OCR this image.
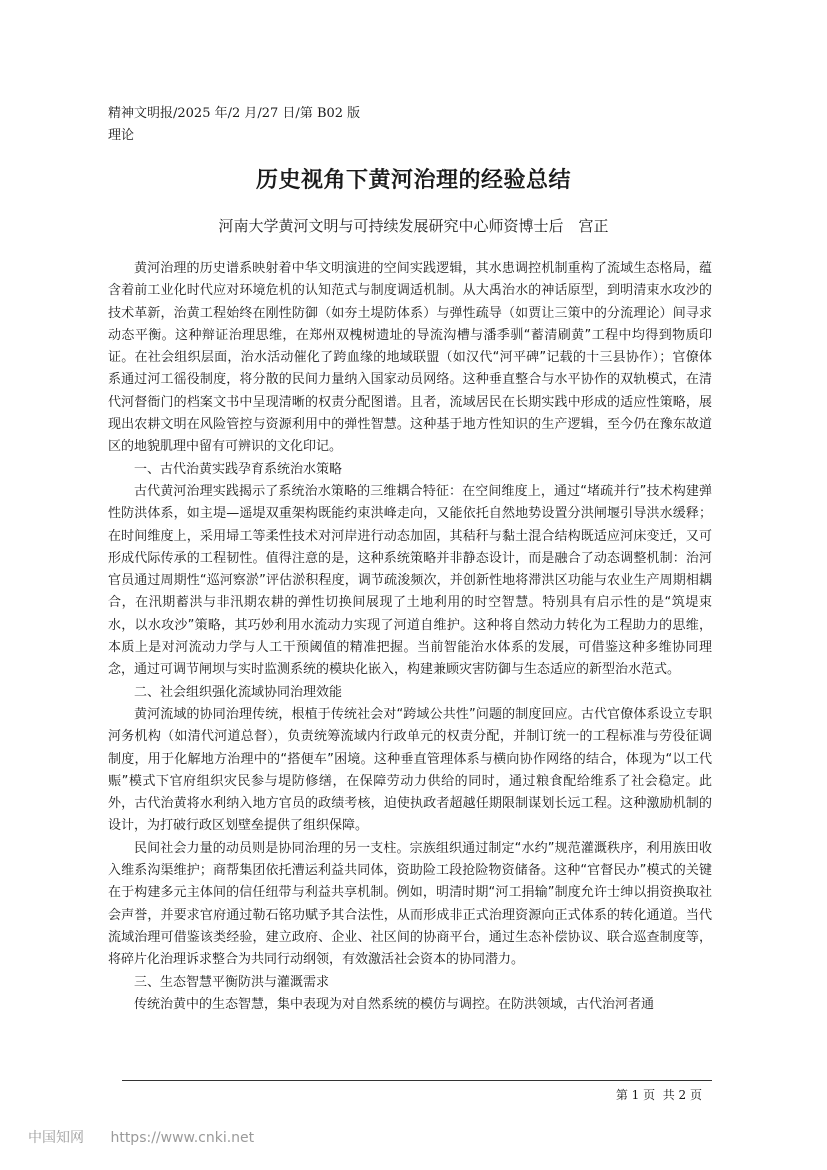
精神文明报/2025 年/2 月/27 日/第 B02 版
理论
历史视角下黄河治理的经验总结
河南大学黄河文明与可持续发展研究中心师资博士后　宫正

黄河治理的历史谱系映射着中华文明演进的空间实践逻辑，其水患调控机制重构了流域生态格局，蕴含着前工业化时代应对环境危机的认知范式与制度调适机制。从大禹治水的神话原型，到明清束水攻沙的技术革新，治黄工程始终在刚性防御（如夯土堤防体系）与弹性疏导（如贾让三策中的分流理论）间寻求动态平衡。这种辩证治理思维，在郑州双槐树遗址的导流沟槽与潘季驯“蓄清刷黄”工程中均得到物质印证。在社会组织层面，治水活动催化了跨血缘的地域联盟（如汉代“河平碑”记载的十三县协作）；官僚体系通过河工徭役制度，将分散的民间力量纳入国家动员网络。这种垂直整合与水平协作的双轨模式，在清代河督衙门的档案文书中呈现清晰的权责分配图谱。且者，流域居民在长期实践中形成的适应性策略，展现出农耕文明在风险管控与资源利用中的弹性智慧。这种基于地方性知识的生产逻辑，至今仍在豫东故道区的地貌肌理中留有可辨识的文化印记。

一、古代治黄实践孕育系统治水策略

古代黄河治理实践揭示了系统治水策略的三维耦合特征：在空间维度上，通过“堵疏并行”技术构建弹性防洪体系，如主堤—遥堤双重架构既能约束洪峰走向，又能依托自然地势设置分洪闸堰引导洪水缓释；在时间维度上，采用埽工等柔性技术对河岸进行动态加固，其秸秆与黏土混合结构既适应河床变迁，又可形成代际传承的工程韧性。值得注意的是，这种系统策略并非静态设计，而是融合了动态调整机制：治河官员通过周期性“巡河察淤”评估淤积程度，调节疏浚频次，并创新性地将滞洪区功能与农业生产周期相耦合，在汛期蓄洪与非汛期农耕的弹性切换间展现了土地利用的时空智慧。特别具有启示性的是“筑堤束水，以水攻沙”策略，其巧妙利用水流动力实现了河道自维护。这种将自然动力转化为工程助力的思维，本质上是对河流动力学与人工干预阈值的精准把握。当前智能治水体系的发展，可借鉴这种多维协同理念，通过可调节闸坝与实时监测系统的模块化嵌入，构建兼顾灾害防御与生态适应的新型治水范式。

二、社会组织强化流域协同治理效能

黄河流域的协同治理传统，根植于传统社会对“跨域公共性”问题的制度回应。古代官僚体系设立专职河务机构（如清代河道总督），负责统筹流域内行政单元的权责分配，并制订统一的工程标准与劳役征调制度，用于化解地方治理中的“搭便车”困境。这种垂直管理体系与横向协作网络的结合，体现为“以工代赈”模式下官府组织灾民参与堤防修缮，在保障劳动力供给的同时，通过粮食配给维系了社会稳定。此外，古代治黄将水利纳入地方官员的政绩考核，迫使执政者超越任期限制谋划长远工程。这种激励机制的设计，为打破行政区划壁垒提供了组织保障。

民间社会力量的动员则是协同治理的另一支柱。宗族组织通过制定“水约”规范灌溉秩序，利用族田收入维系沟渠维护；商帮集团依托漕运利益共同体，资助险工段抢险物资储备。这种“官督民办”模式的关键在于构建多元主体间的信任纽带与利益共享机制。例如，明清时期“河工捐输”制度允许士绅以捐资换取社会声誉，并要求官府通过勒石铭功赋予其合法性，从而形成非正式治理资源向正式体系的转化通道。当代流域治理可借鉴该类经验，建立政府、企业、社区间的协商平台，通过生态补偿协议、联合巡查制度等，将碎片化治理诉求整合为共同行动纲领，有效激活社会资本的协同潜力。

三、生态智慧平衡防洪与灌溉需求

传统治黄中的生态智慧，集中表现为对自然系统的模仿与调控。在防洪领域，古代治河者通

第 1 页  共 2 页
中国知网 https://www.cnki.net
